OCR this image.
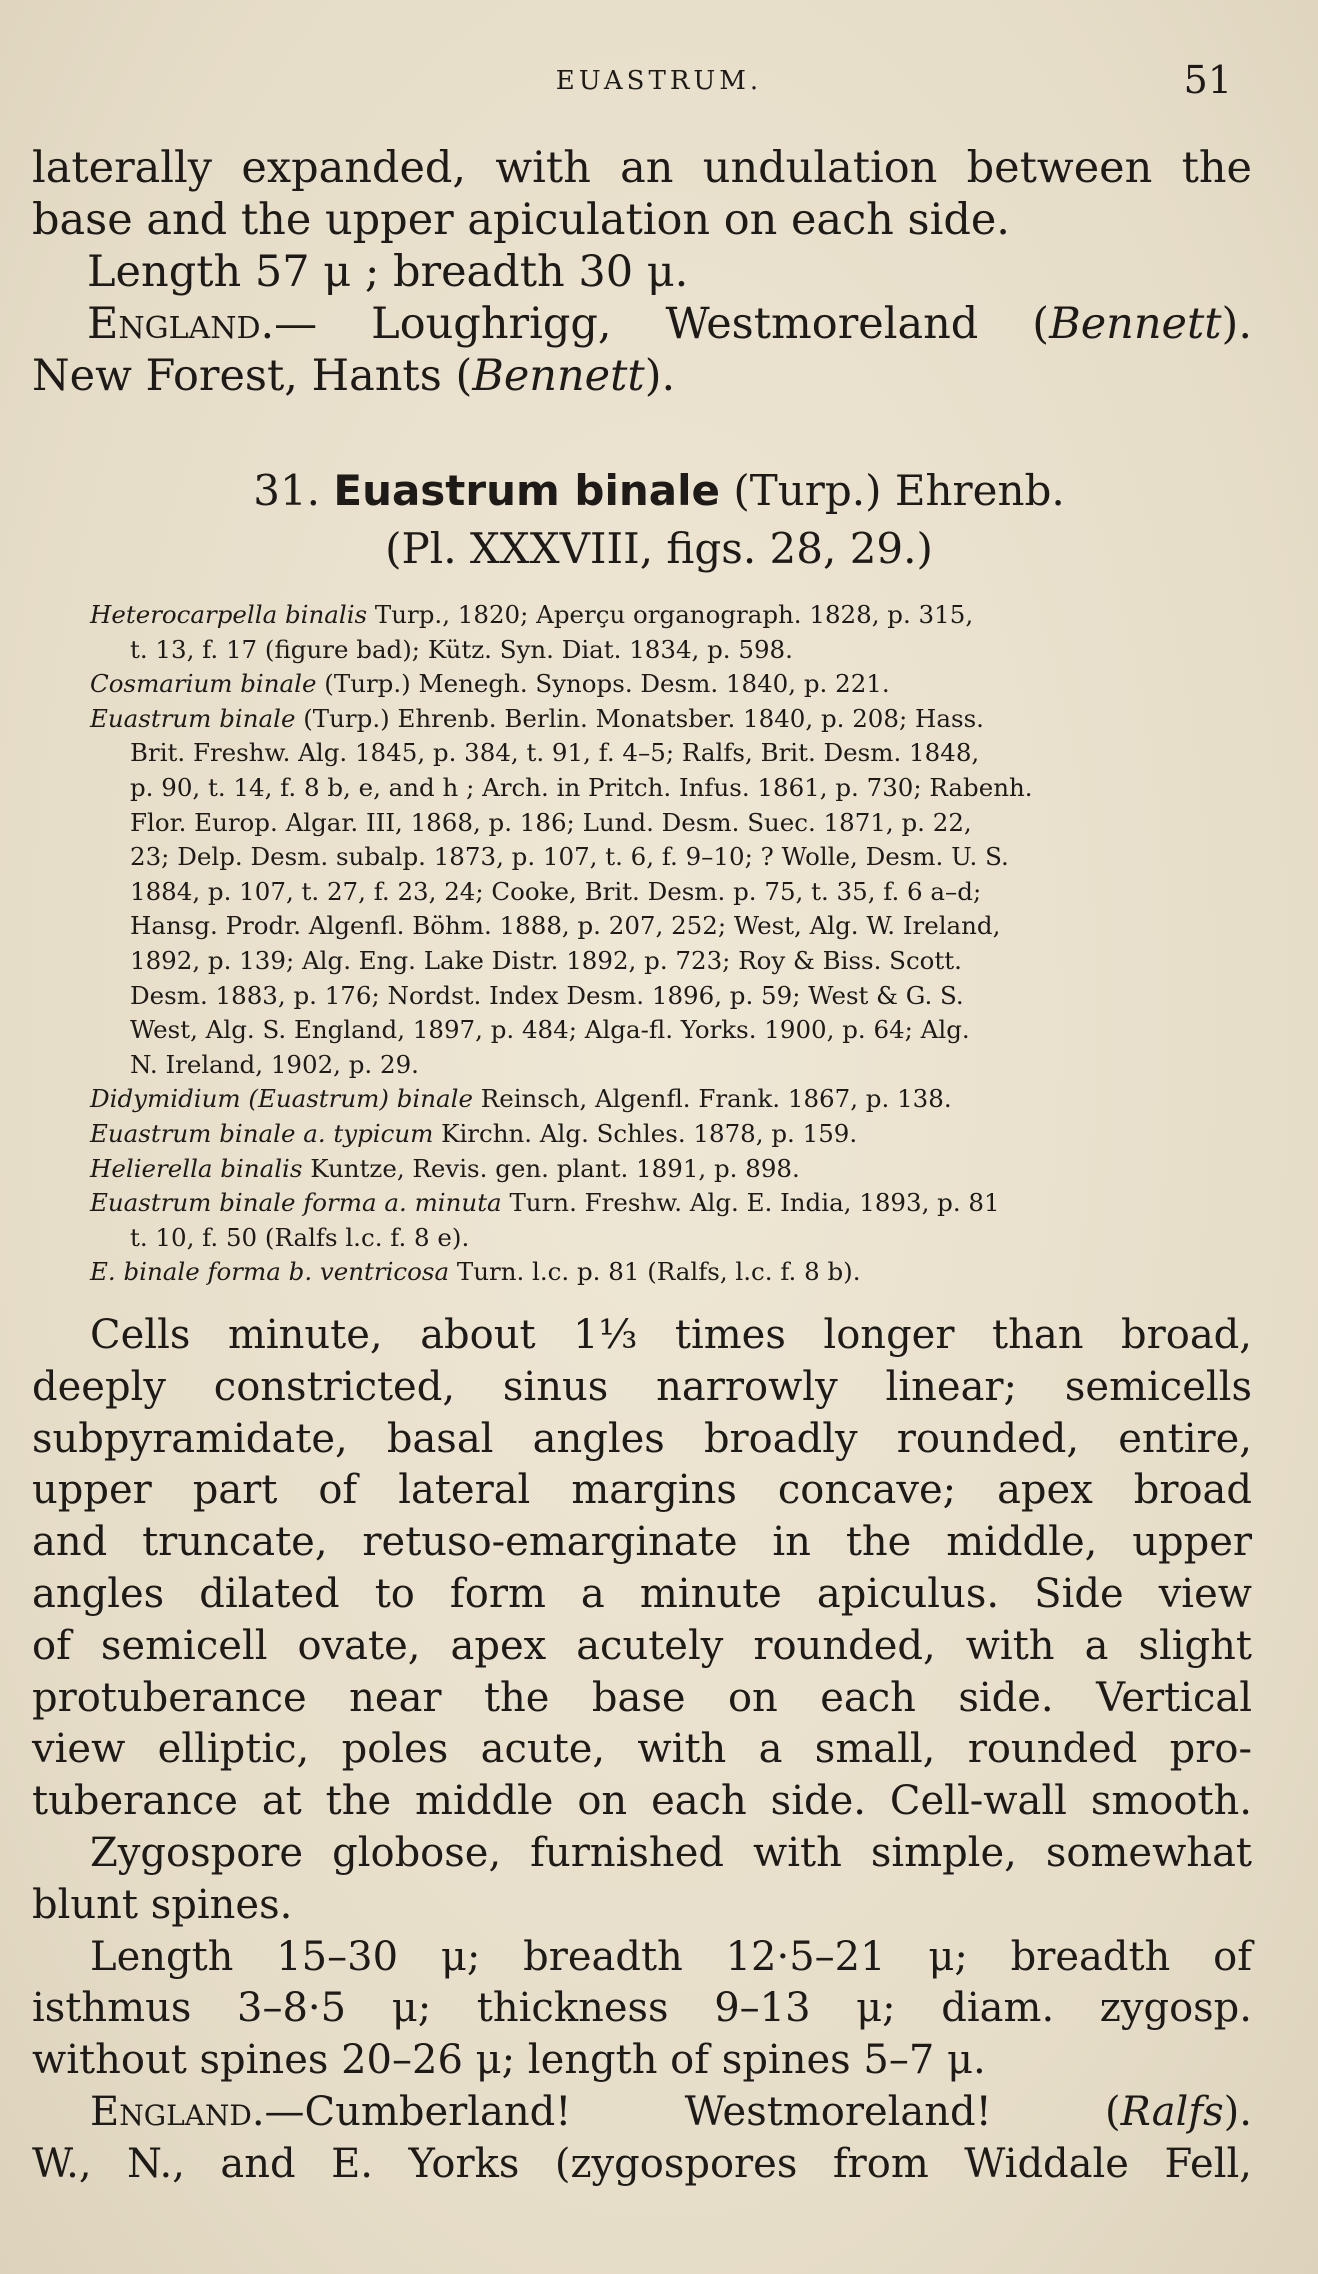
EUASTRUM.	51
laterally expanded, with an undulation between the
base and the upper apiculation on each side.
Length 57 μ ; breadth 30 μ.
England.— Loughrigg, Westmoreland (Bennett).
New Forest, Hants (Bennett).
31. Euastrum binale (Turp.) Ehrenb.
(Pl. XXXVIII, figs. 28, 29.)
Heterocarpella binalis Turp., 1820; Aperçu organograph. 1828, p. 315,
t. 13, f. 17 (figure bad); Kütz. Syn. Diat. 1834, p. 598.
Cosmarium binale (Turp.) Menegh. Synops. Desm. 1840, p. 221.
Euastrum binale (Turp.) Ehrenb. Berlin. Monatsber. 1840, p. 208; Hass.
Brit. Freshw. Alg. 1845, p. 384, t. 91, f. 4–5; Ralfs, Brit. Desm. 1848,
p. 90, t. 14, f. 8 b, e, and h ; Arch. in Pritch. Infus. 1861, p. 730; Rabenh.
Flor. Europ. Algar. III, 1868, p. 186; Lund. Desm. Suec. 1871, p. 22,
23; Delp. Desm. subalp. 1873, p. 107, t. 6, f. 9–10; ? Wolle, Desm. U. S.
1884, p. 107, t. 27, f. 23, 24; Cooke, Brit. Desm. p. 75, t. 35, f. 6 a–d;
Hansg. Prodr. Algenfl. Böhm. 1888, p. 207, 252; West, Alg. W. Ireland,
1892, p. 139; Alg. Eng. Lake Distr. 1892, p. 723; Roy & Biss. Scott.
Desm. 1883, p. 176; Nordst. Index Desm. 1896, p. 59; West & G. S.
West, Alg. S. England, 1897, p. 484; Alga-fl. Yorks. 1900, p. 64; Alg.
N. Ireland, 1902, p. 29.
Didymidium (Euastrum) binale Reinsch, Algenfl. Frank. 1867, p. 138.
Euastrum binale a. typicum Kirchn. Alg. Schles. 1878, p. 159.
Helierella binalis Kuntze, Revis. gen. plant. 1891, p. 898.
Euastrum binale forma a. minuta Turn. Freshw. Alg. E. India, 1893, p. 81
t. 10, f. 50 (Ralfs l.c. f. 8 e).
E. binale forma b. ventricosa Turn. l.c. p. 81 (Ralfs, l.c. f. 8 b).
Cells minute, about 1⅓ times longer than broad,
deeply constricted, sinus narrowly linear; semicells
subpyramidate, basal angles broadly rounded, entire,
upper part of lateral margins concave; apex broad
and truncate, retuso-emarginate in the middle, upper
angles dilated to form a minute apiculus. Side view
of semicell ovate, apex acutely rounded, with a slight
protuberance near the base on each side. Vertical
view elliptic, poles acute, with a small, rounded pro-
tuberance at the middle on each side. Cell-wall smooth.
Zygospore globose, furnished with simple, somewhat
blunt spines.
Length 15–30 μ; breadth 12·5–21 μ; breadth of
isthmus 3–8·5 μ; thickness 9–13 μ; diam. zygosp.
without spines 20–26 μ; length of spines 5–7 μ.
England.—Cumberland! Westmoreland! (Ralfs).
W., N., and E. Yorks (zygospores from Widdale Fell,
